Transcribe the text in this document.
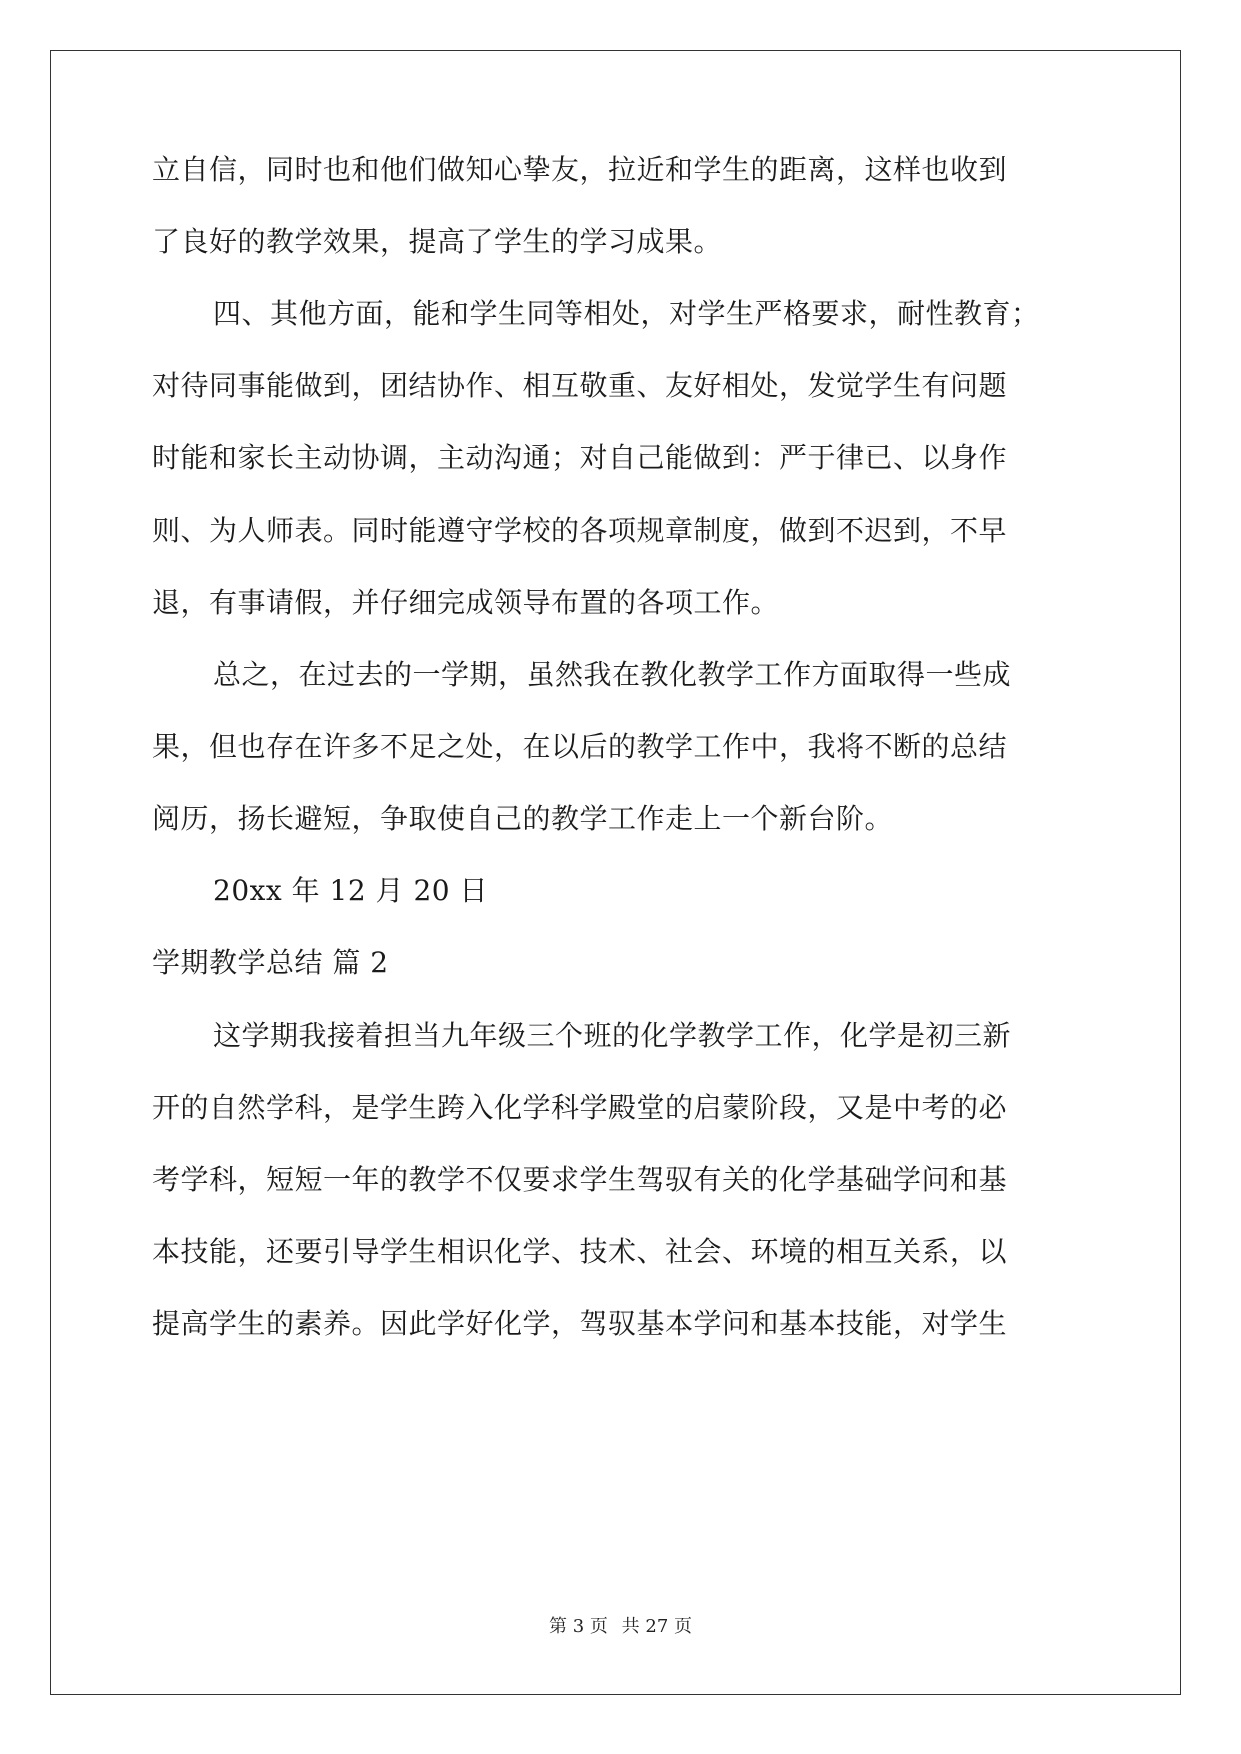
立自信，同时也和他们做知心挚友，拉近和学生的距离，这样也收到
了良好的教学效果，提高了学生的学习成果。
四、其他方面，能和学生同等相处，对学生严格要求，耐性教育；
对待同事能做到，团结协作、相互敬重、友好相处，发觉学生有问题
时能和家长主动协调，主动沟通；对自己能做到：严于律已、以身作
则、为人师表。同时能遵守学校的各项规章制度，做到不迟到，不早
退，有事请假，并仔细完成领导布置的各项工作。
总之，在过去的一学期，虽然我在教化教学工作方面取得一些成
果，但也存在许多不足之处，在以后的教学工作中，我将不断的总结
阅历，扬长避短，争取使自己的教学工作走上一个新台阶。
20xx 年 12 月 20 日
学期教学总结 篇 2
这学期我接着担当九年级三个班的化学教学工作，化学是初三新
开的自然学科，是学生跨入化学科学殿堂的启蒙阶段，又是中考的必
考学科，短短一年的教学不仅要求学生驾驭有关的化学基础学问和基
本技能，还要引导学生相识化学、技术、社会、环境的相互关系，以
提高学生的素养。因此学好化学，驾驭基本学问和基本技能，对学生
第 3 页 共 27 页
